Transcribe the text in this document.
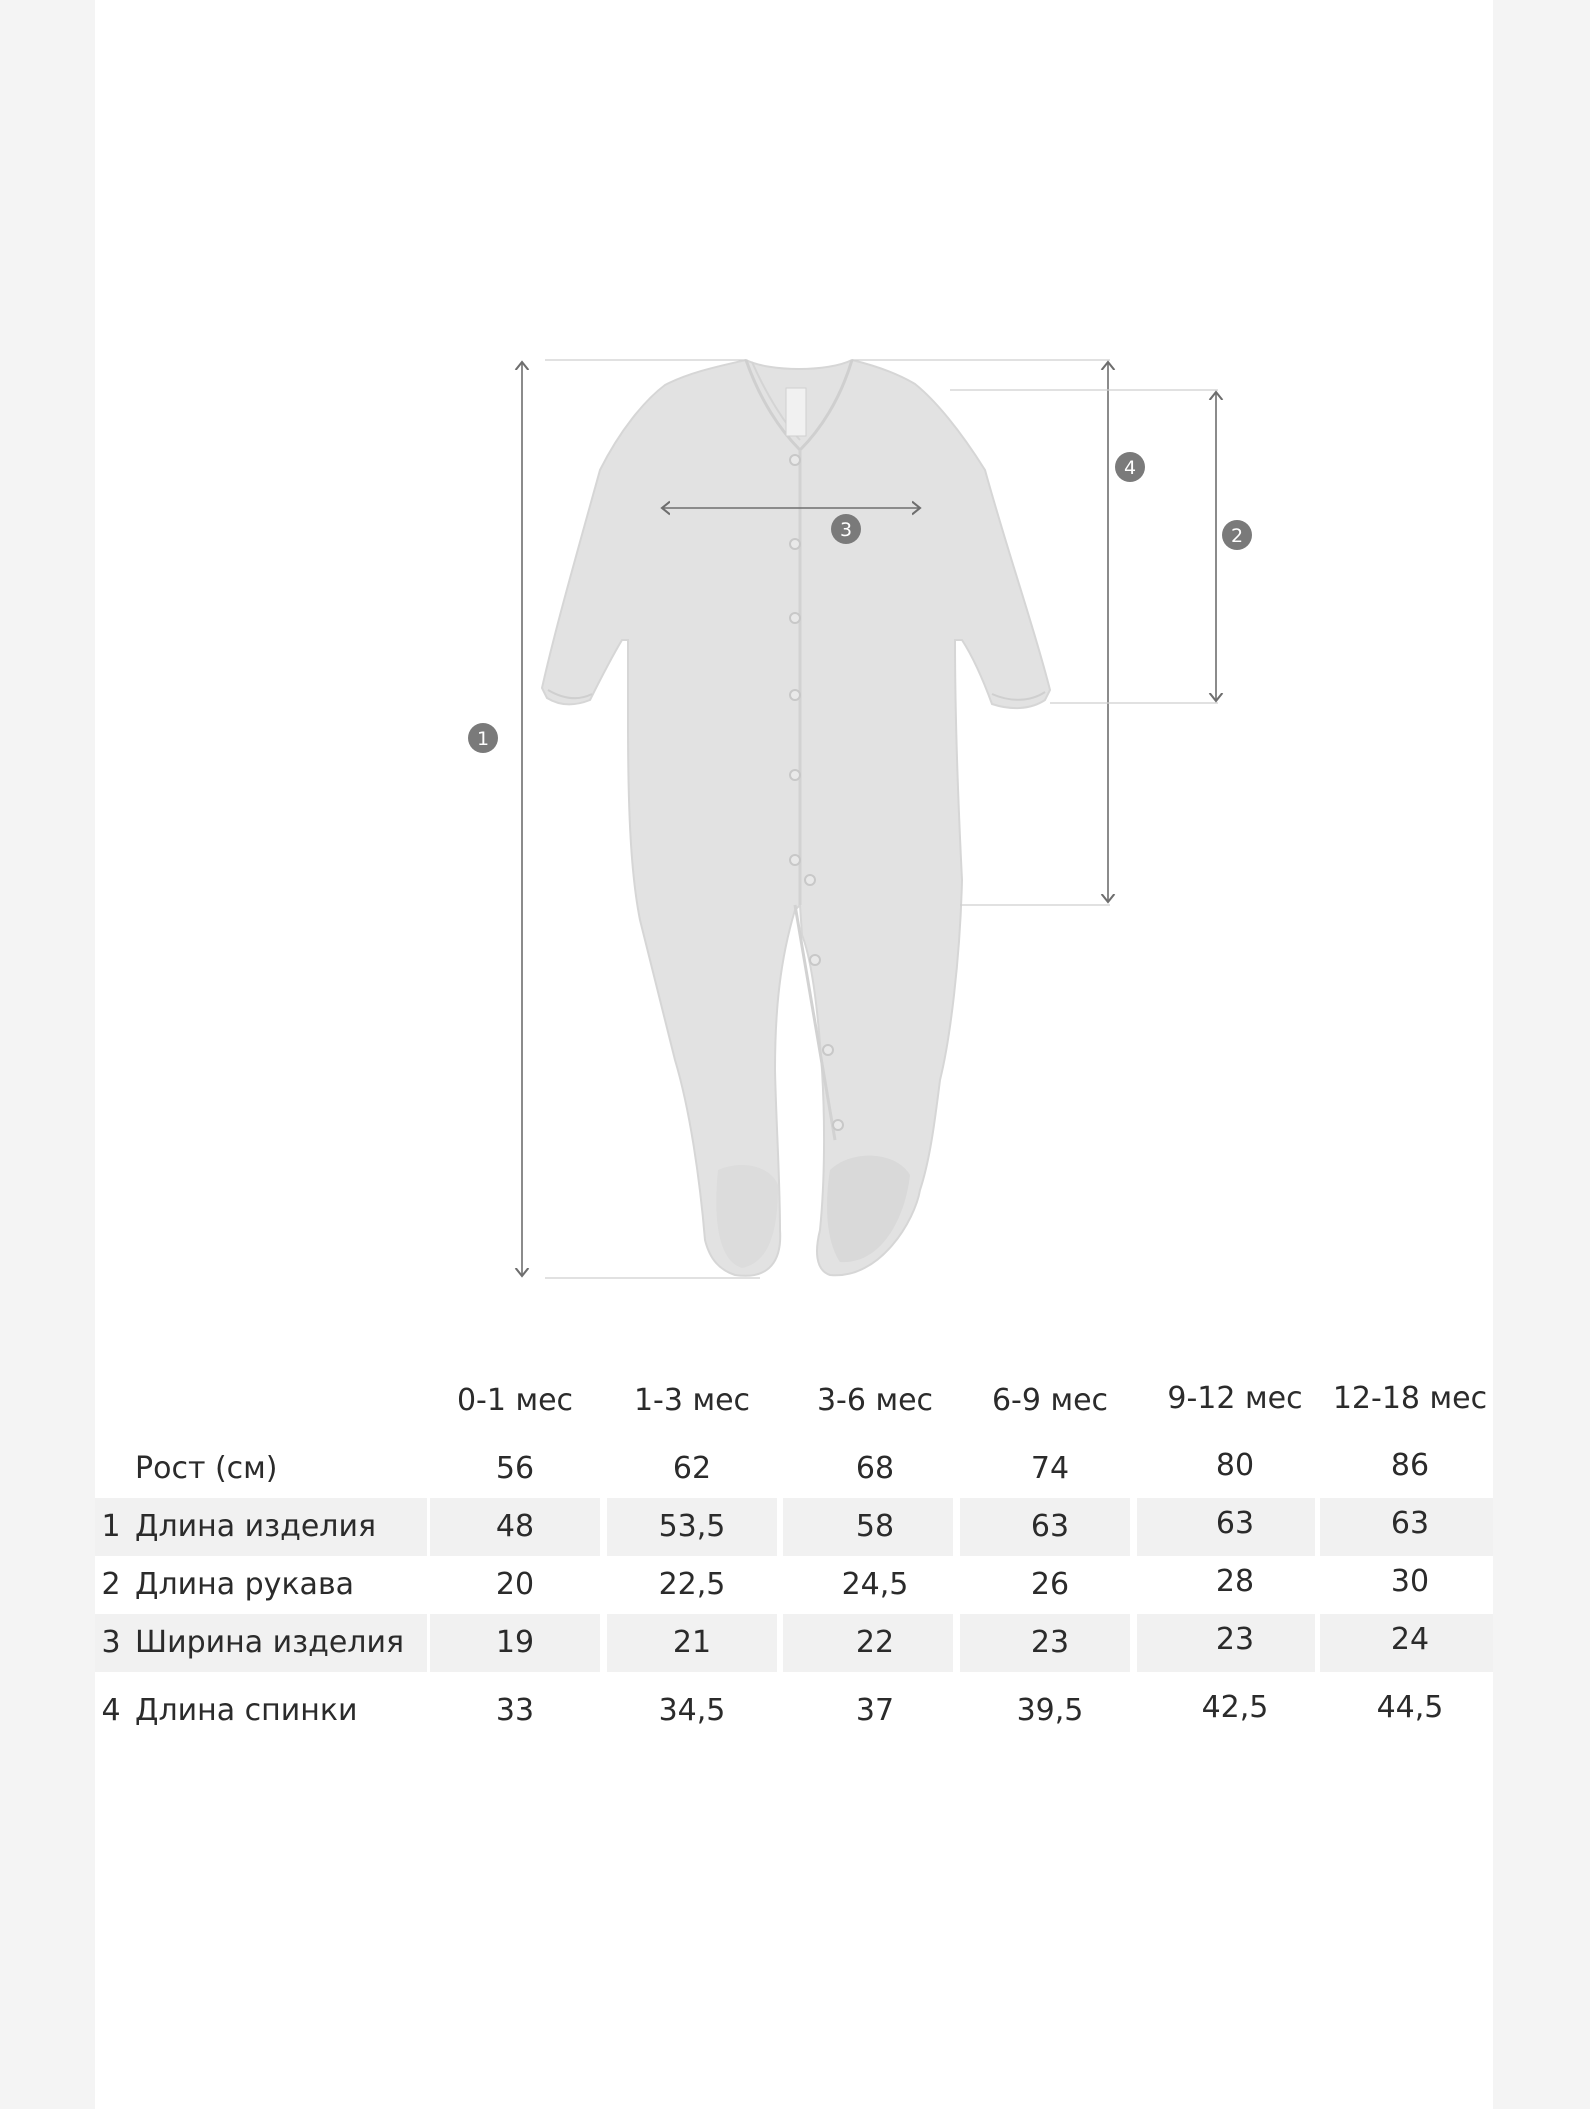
1
2
3
4
0-1 мес	1-3 мес	3-6 мес	6-9 мес	9-12 мес	12-18 мес
Рост (см)	56	62	68	74	80	86
1 Длина изделия	48	53,5	58	63	63	63
2 Длина рукава	20	22,5	24,5	26	28	30
3 Ширина изделия	19	21	22	23	23	24
4 Длина спинки	33	34,5	37	39,5	42,5	44,5
